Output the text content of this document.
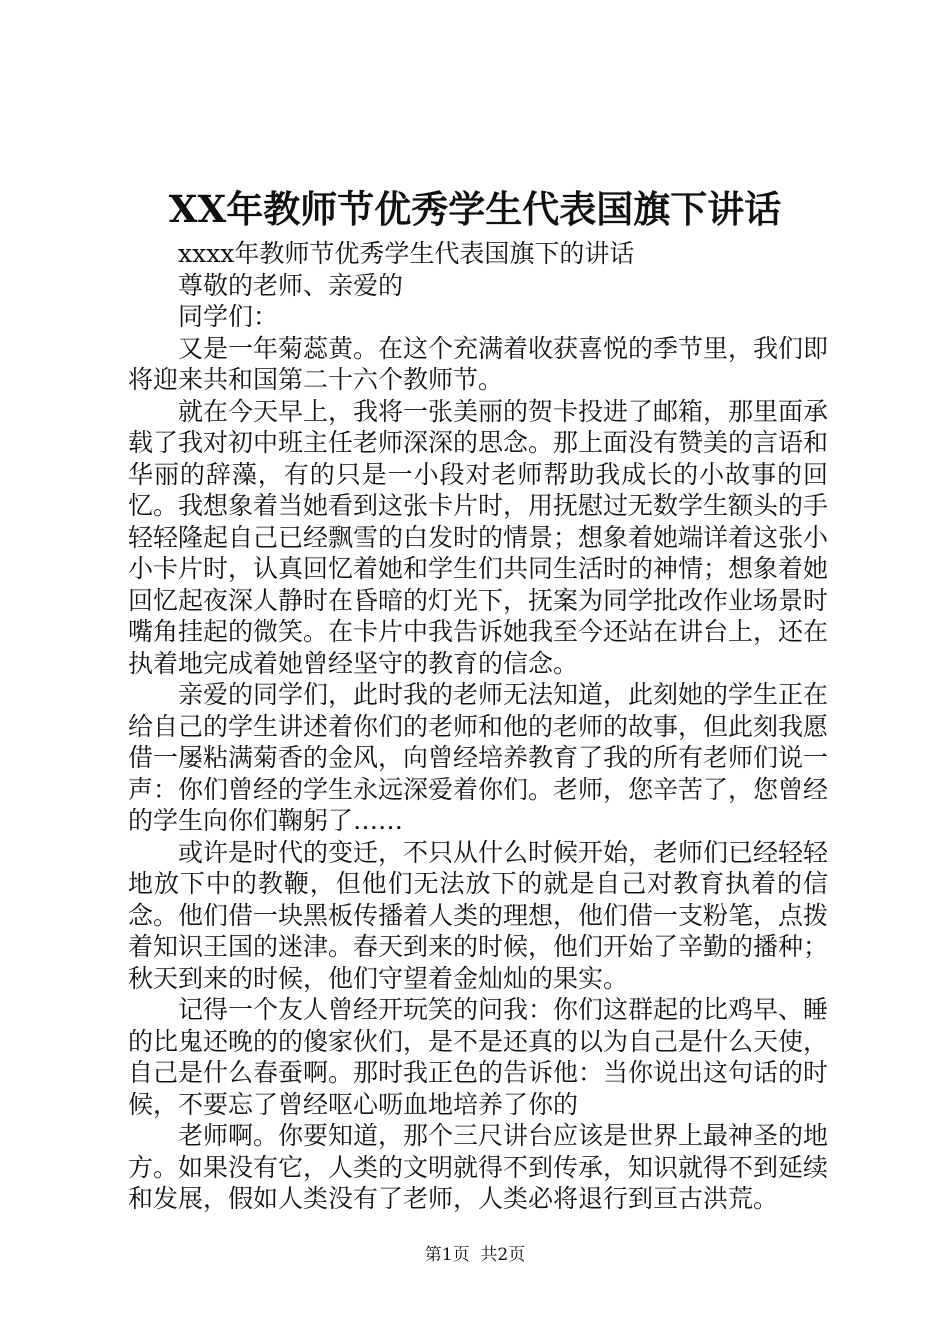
XX年教师节优秀学生代表国旗下讲话

xxxx年教师节优秀学生代表国旗下的讲话

尊敬的老师、亲爱的

同学们：

又是一年菊蕊黄。在这个充满着收获喜悦的季节里，我们即将迎来共和国第二十六个教师节。

就在今天早上，我将一张美丽的贺卡投进了邮箱，那里面承载了我对初中班主任老师深深的思念。那上面没有赞美的言语和华丽的辞藻，有的只是一小段对老师帮助我成长的小故事的回忆。我想象着当她看到这张卡片时，用抚慰过无数学生额头的手轻轻隆起自己已经飘雪的白发时的情景；想象着她端详着这张小小卡片时，认真回忆着她和学生们共同生活时的神情；想象着她回忆起夜深人静时在昏暗的灯光下，抚案为同学批改作业场景时嘴角挂起的微笑。在卡片中我告诉她我至今还站在讲台上，还在执着地完成着她曾经坚守的教育的信念。

亲爱的同学们，此时我的老师无法知道，此刻她的学生正在给自己的学生讲述着你们的老师和他的老师的故事，但此刻我愿借一屡粘满菊香的金风，向曾经培养教育了我的所有老师们说一声：你们曾经的学生永远深爱着你们。老师，您辛苦了，您曾经的学生向你们鞠躬了……

或许是时代的变迁，不只从什么时候开始，老师们已经轻轻地放下中的教鞭，但他们无法放下的就是自己对教育执着的信念。他们借一块黑板传播着人类的理想，他们借一支粉笔，点拨着知识王国的迷津。春天到来的时候，他们开始了辛勤的播种；秋天到来的时候，他们守望着金灿灿的果实。

记得一个友人曾经开玩笑的问我：你们这群起的比鸡早、睡的比鬼还晚的的傻家伙们，是不是还真的以为自己是什么天使，自己是什么春蚕啊。那时我正色的告诉他：当你说出这句话的时候，不要忘了曾经呕心呖血地培养了你的

老师啊。你要知道，那个三尺讲台应该是世界上最神圣的地方。如果没有它，人类的文明就得不到传承，知识就得不到延续和发展，假如人类没有了老师，人类必将退行到亘古洪荒。

第1页 共2页
